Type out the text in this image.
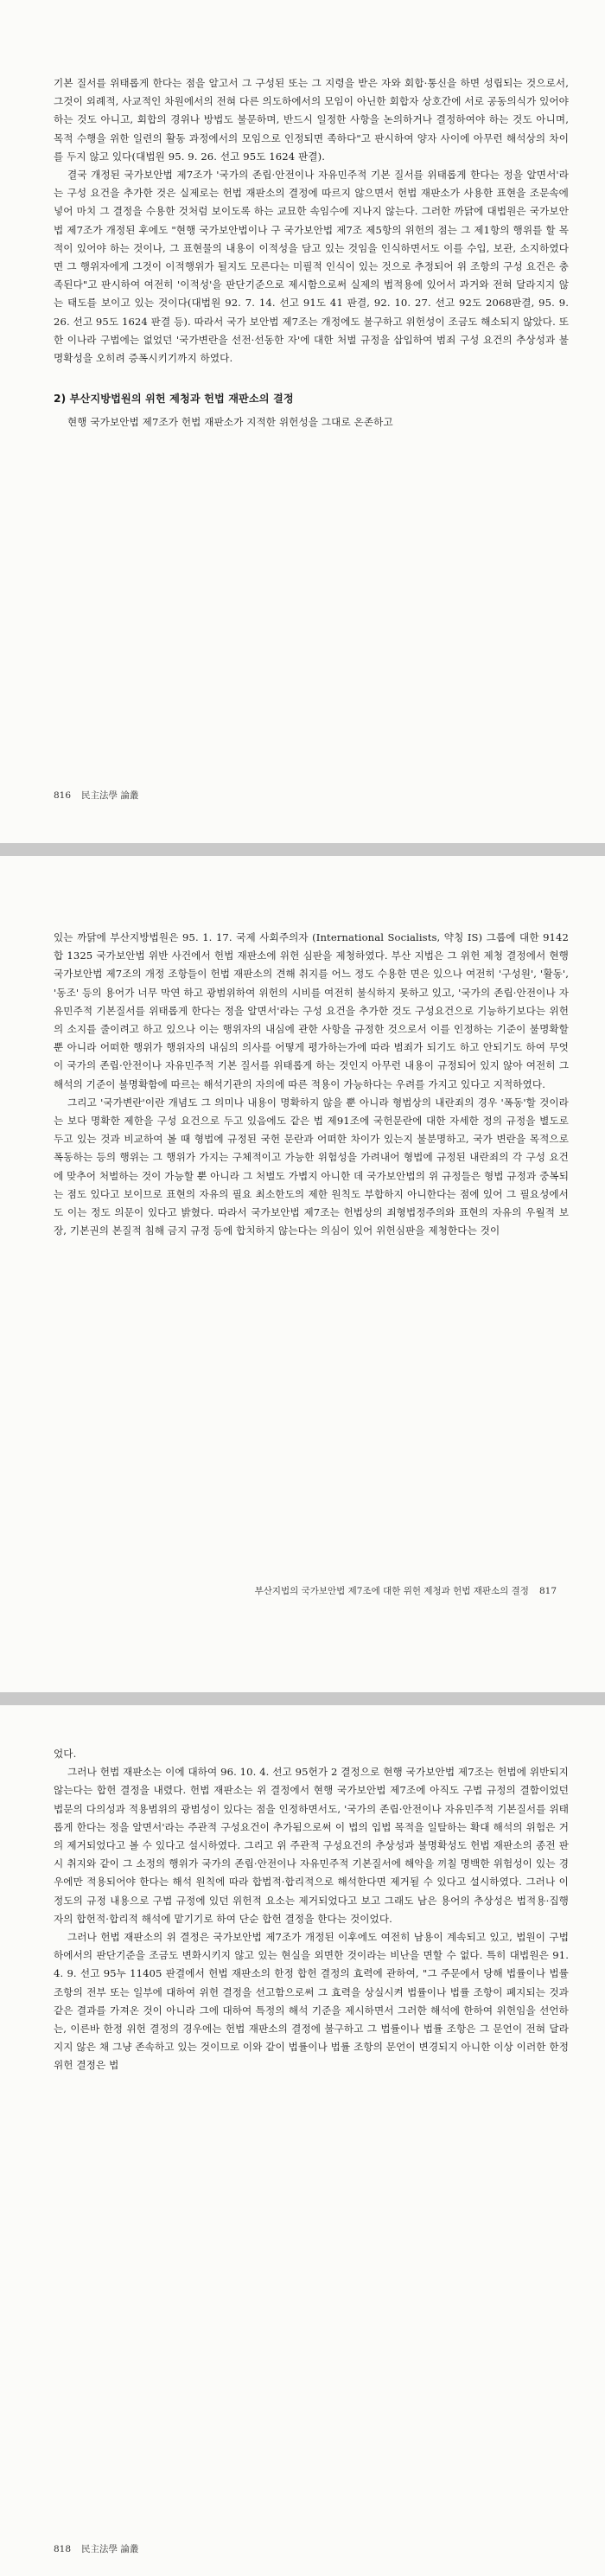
기본 질서를 위태롭게 한다는 점을 알고서 그 구성된 또는 그 지령을 받은 자와 회합·통신을 하면 성립되는 것으로서, 그것이 외례적, 사교적인 차원에서의 전혀 다른 의도하에서의 모임이 아닌한 회합자 상호간에 서로 공동의식가 있어야 하는 것도 아니고, 회합의 경위나 방법도 불문하며, 반드시 일정한 사항을 논의하거나 결정하여야 하는 것도 아니며, 목적 수행을 위한 일련의 활동 과정에서의 모임으로 인정되면 족하다"고 판시하여 양자 사이에 아무런 해석상의 차이를 두지 않고 있다(대법원 95. 9. 26. 선고 95도 1624 판결).

결국 개정된 국가보안법 제7조가 '국가의 존립·안전이나 자유민주적 기본 질서를 위태롭게 한다는 정을 알면서'라는 구성 요건을 추가한 것은 실제로는 헌법 재판소의 결정에 따르지 않으면서 헌법 재판소가 사용한 표현을 조문속에 넣어 마치 그 결정을 수용한 것처럼 보이도록 하는 교묘한 속임수에 지나지 않는다. 그러한 까닭에 대법원은 국가보안법 제7조가 개정된 후에도 "현행 국가보안법이나 구 국가보안법 제7조 제5항의 위헌의 점는 그 제1항의 행위를 할 목적이 있어야 하는 것이나, 그 표현물의 내용이 이적성을 담고 있는 것임을 인식하면서도 이를 수입, 보관, 소지하였다면 그 행위자에게 그것이 이적행위가 될지도 모른다는 미필적 인식이 있는 것으로 추정되어 위 조항의 구성 요건은 충족된다"고 판시하여 여전히 '이적성'을 판단기준으로 제시함으로써 실제의 법적용에 있어서 과거와 전혀 달라지지 않는 태도를 보이고 있는 것이다(대법원 92. 7. 14. 선고 91도 41 판결, 92. 10. 27. 선고 92도 2068판결, 95. 9. 26. 선고 95도 1624 판결 등). 따라서 국가 보안법 제7조는 개정에도 불구하고 위헌성이 조금도 해소되지 않았다. 또한 이나라 구법에는 없었던 '국가변란을 선전·선동한 자'에 대한 처벌 규정을 삽입하여 범죄 구성 요건의 추상성과 불명확성을 오히려 증폭시키기까지 하였다.

2) 부산지방법원의 위헌 제청과 헌법 재판소의 결정

현행 국가보안법 제7조가 헌법 재판소가 지적한 위헌성을 그대로 온존하고

816 民主法學 論叢

있는 까닭에 부산지방법원은 95. 1. 17. 국제 사회주의자 (International Socialists, 약칭 IS) 그룹에 대한 9142합 1325 국가보안법 위반 사건에서 헌법 재판소에 위헌 심판을 제청하였다. 부산 지법은 그 위헌 제청 결정에서 현행 국가보안법 제7조의 개정 조항들이 헌법 재판소의 견해 취지를 어느 정도 수용한 면은 있으나 여전히 '구성원', '활동', '동조' 등의 용어가 너무 막연 하고 광범위하여 위헌의 시비를 여전히 불식하지 못하고 있고, '국가의 존립·안전이나 자유민주적 기본질서를 위태롭게 한다는 정을 알면서'라는 구성 요건을 추가한 것도 구성요건으로 기능하기보다는 위헌의 소지를 줄이려고 하고 있으나 이는 행위자의 내심에 관한 사항을 규정한 것으로서 이를 인정하는 기준이 불명확할 뿐 아니라 어떠한 행위가 행위자의 내심의 의사를 어떻게 평가하는가에 따라 범죄가 되기도 하고 안되기도 하여 무엇이 국가의 존립·안전이나 자유민주적 기본 질서를 위태롭게 하는 것인지 아무런 내용이 규정되어 있지 않아 여전히 그 해석의 기준이 불명확함에 따르는 해석기관의 자의에 따른 적용이 가능하다는 우려를 가지고 있다고 지적하였다.

그리고 '국가변란'이란 개념도 그 의미나 내용이 명확하지 않을 뿐 아니라 형법상의 내란죄의 경우 '폭동'할 것이라는 보다 명확한 제한을 구성 요건으로 두고 있음에도 같은 법 제91조에 국헌문란에 대한 자세한 정의 규정을 별도로 두고 있는 것과 비교하여 볼 때 형법에 규정된 국헌 문란과 어떠한 차이가 있는지 불분명하고, 국가 변란을 목적으로 폭동하는 등의 행위는 그 행위가 가지는 구체적이고 가능한 위험성을 가려내어 형법에 규정된 내란죄의 각 구성 요건에 맞추어 처벌하는 것이 가능할 뿐 아니라 그 처벌도 가볍지 아니한 데 국가보안법의 위 규정들은 형법 규정과 중복되는 점도 있다고 보이므로 표현의 자유의 필요 최소한도의 제한 원칙도 부합하지 아니한다는 점에 있어 그 필요성에서도 이는 정도 의문이 있다고 밝혔다. 따라서 국가보안법 제7조는 헌법상의 죄형법정주의와 표현의 자유의 우월적 보장, 기본권의 본질적 침해 금지 규정 등에 합치하지 않는다는 의심이 있어 위헌심판을 제청한다는 것이

부산지법의 국가보안법 제7조에 대한 위헌 제청과 헌법 재판소의 결정 817

었다.

그러나 헌법 재판소는 이에 대하여 96. 10. 4. 선고 95헌가 2 결정으로 현행 국가보안법 제7조는 헌법에 위반되지 않는다는 합헌 결정을 내렸다. 헌법 재판소는 위 결정에서 현행 국가보안법 제7조에 아직도 구법 규정의 결함이었던 법문의 다의성과 적용범위의 광범성이 있다는 점을 인정하면서도, '국가의 존립·안전이나 자유민주적 기본질서를 위태롭게 한다는 정을 알면서'라는 주관적 구성요건이 추가됨으로써 이 법의 입법 목적을 일탈하는 확대 해석의 위험은 거의 제거되었다고 볼 수 있다고 설시하였다. 그리고 위 주관적 구성요건의 추상성과 불명확성도 헌법 재판소의 종전 판시 취지와 같이 그 소정의 행위가 국가의 존립·안전이나 자유민주적 기본질서에 해악을 끼칠 명백한 위험성이 있는 경우에만 적용되어야 한다는 해석 원칙에 따라 합법적·합리적으로 해석한다면 제거될 수 있다고 설시하였다. 그러나 이 정도의 규정 내용으로 구법 규정에 있던 위헌적 요소는 제거되었다고 보고 그래도 남은 용어의 추상성은 법적용·집행자의 합헌적·합리적 해석에 맡기기로 하여 단순 합헌 결정을 한다는 것이었다.

그러나 헌법 재판소의 위 결정은 국가보안법 제7조가 개정된 이후에도 여전히 남용이 계속되고 있고, 법원이 구법하에서의 판단기준을 조금도 변화시키지 않고 있는 현실을 외면한 것이라는 비난을 면할 수 없다. 특히 대법원은 91. 4. 9. 선고 95누 11405 판결에서 헌법 재판소의 한정 합헌 결정의 효력에 관하여, "그 주문에서 당해 법률이나 법률 조항의 전부 또는 일부에 대하여 위헌 결정을 선고함으로써 그 효력을 상실시켜 법률이나 법률 조항이 폐지되는 것과 같은 결과를 가져온 것이 아니라 그에 대하여 특정의 해석 기준을 제시하면서 그러한 해석에 한하여 위헌임을 선언하는, 이른바 한정 위헌 결정의 경우에는 헌법 재판소의 결정에 불구하고 그 법률이나 법률 조항은 그 문언이 전혀 달라지지 않은 채 그냥 존속하고 있는 것이므로 이와 같이 법률이나 법률 조항의 문언이 변경되지 아니한 이상 이러한 한정 위헌 결정은 법

818 民主法學 論叢
